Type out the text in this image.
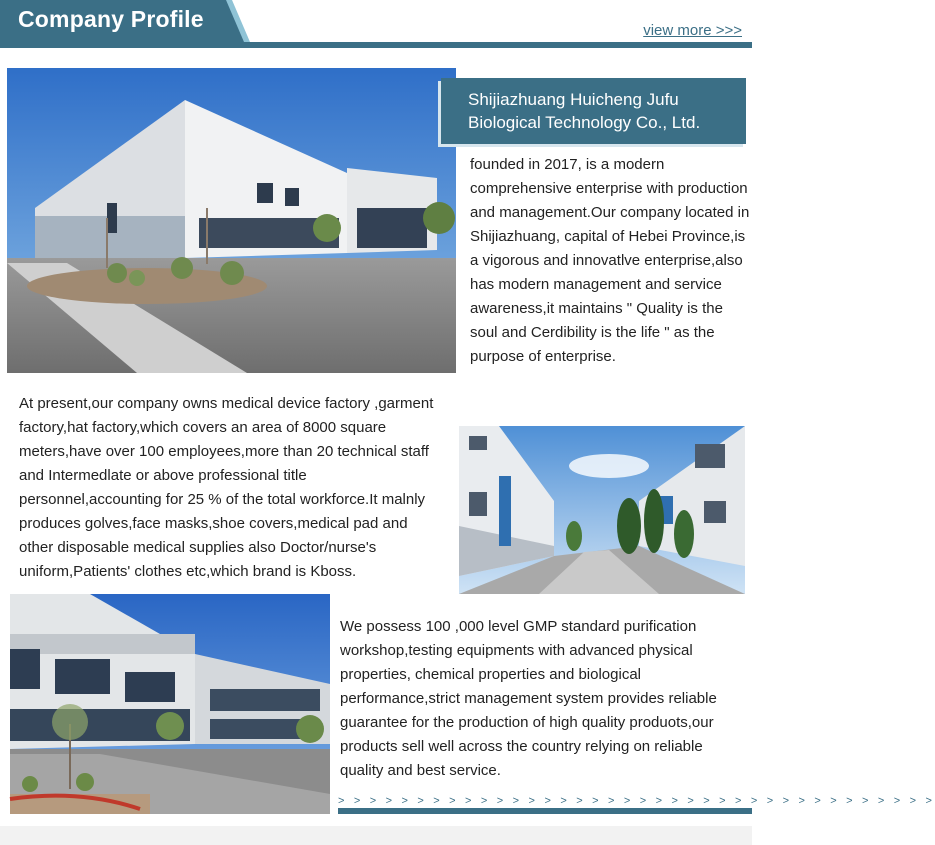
Company Profile	view more >>>
Shijiazhuang Huicheng Jufu
Biological Technology Co., Ltd.
founded in 2017, is a modern comprehensive enterprise with production and management.Our company located in Shijiazhuang, capital of Hebei Province,is a vigorous and innovatlve enterprise,also has modern management and service awareness,it maintains " Quality is the soul and Cerdibility is the life " as the purpose of enterprise.
At present,our company owns medical device factory ,garment factory,hat factory,which covers an area of 8000 square meters,have over 100 employees,more than 20 technical staff and Intermedlate or above professional title personnel,accounting for 25 % of the total workforce.It malnly produces golves,face masks,shoe covers,medical pad and other disposable medical supplies also Doctor/nurse's uniform,Patients' clothes etc,which brand is Kboss.
We possess 100 ,000 level GMP standard purification workshop,testing equipments with advanced physical properties, chemical properties and biological performance,strict management system provides reliable guarantee for the production of high quality produots,our products sell well across the country relying on reliable quality and best service.
> > > > > > > > > > > > > > > > > > > > > > > > > > > > > > > > > > > > > >
